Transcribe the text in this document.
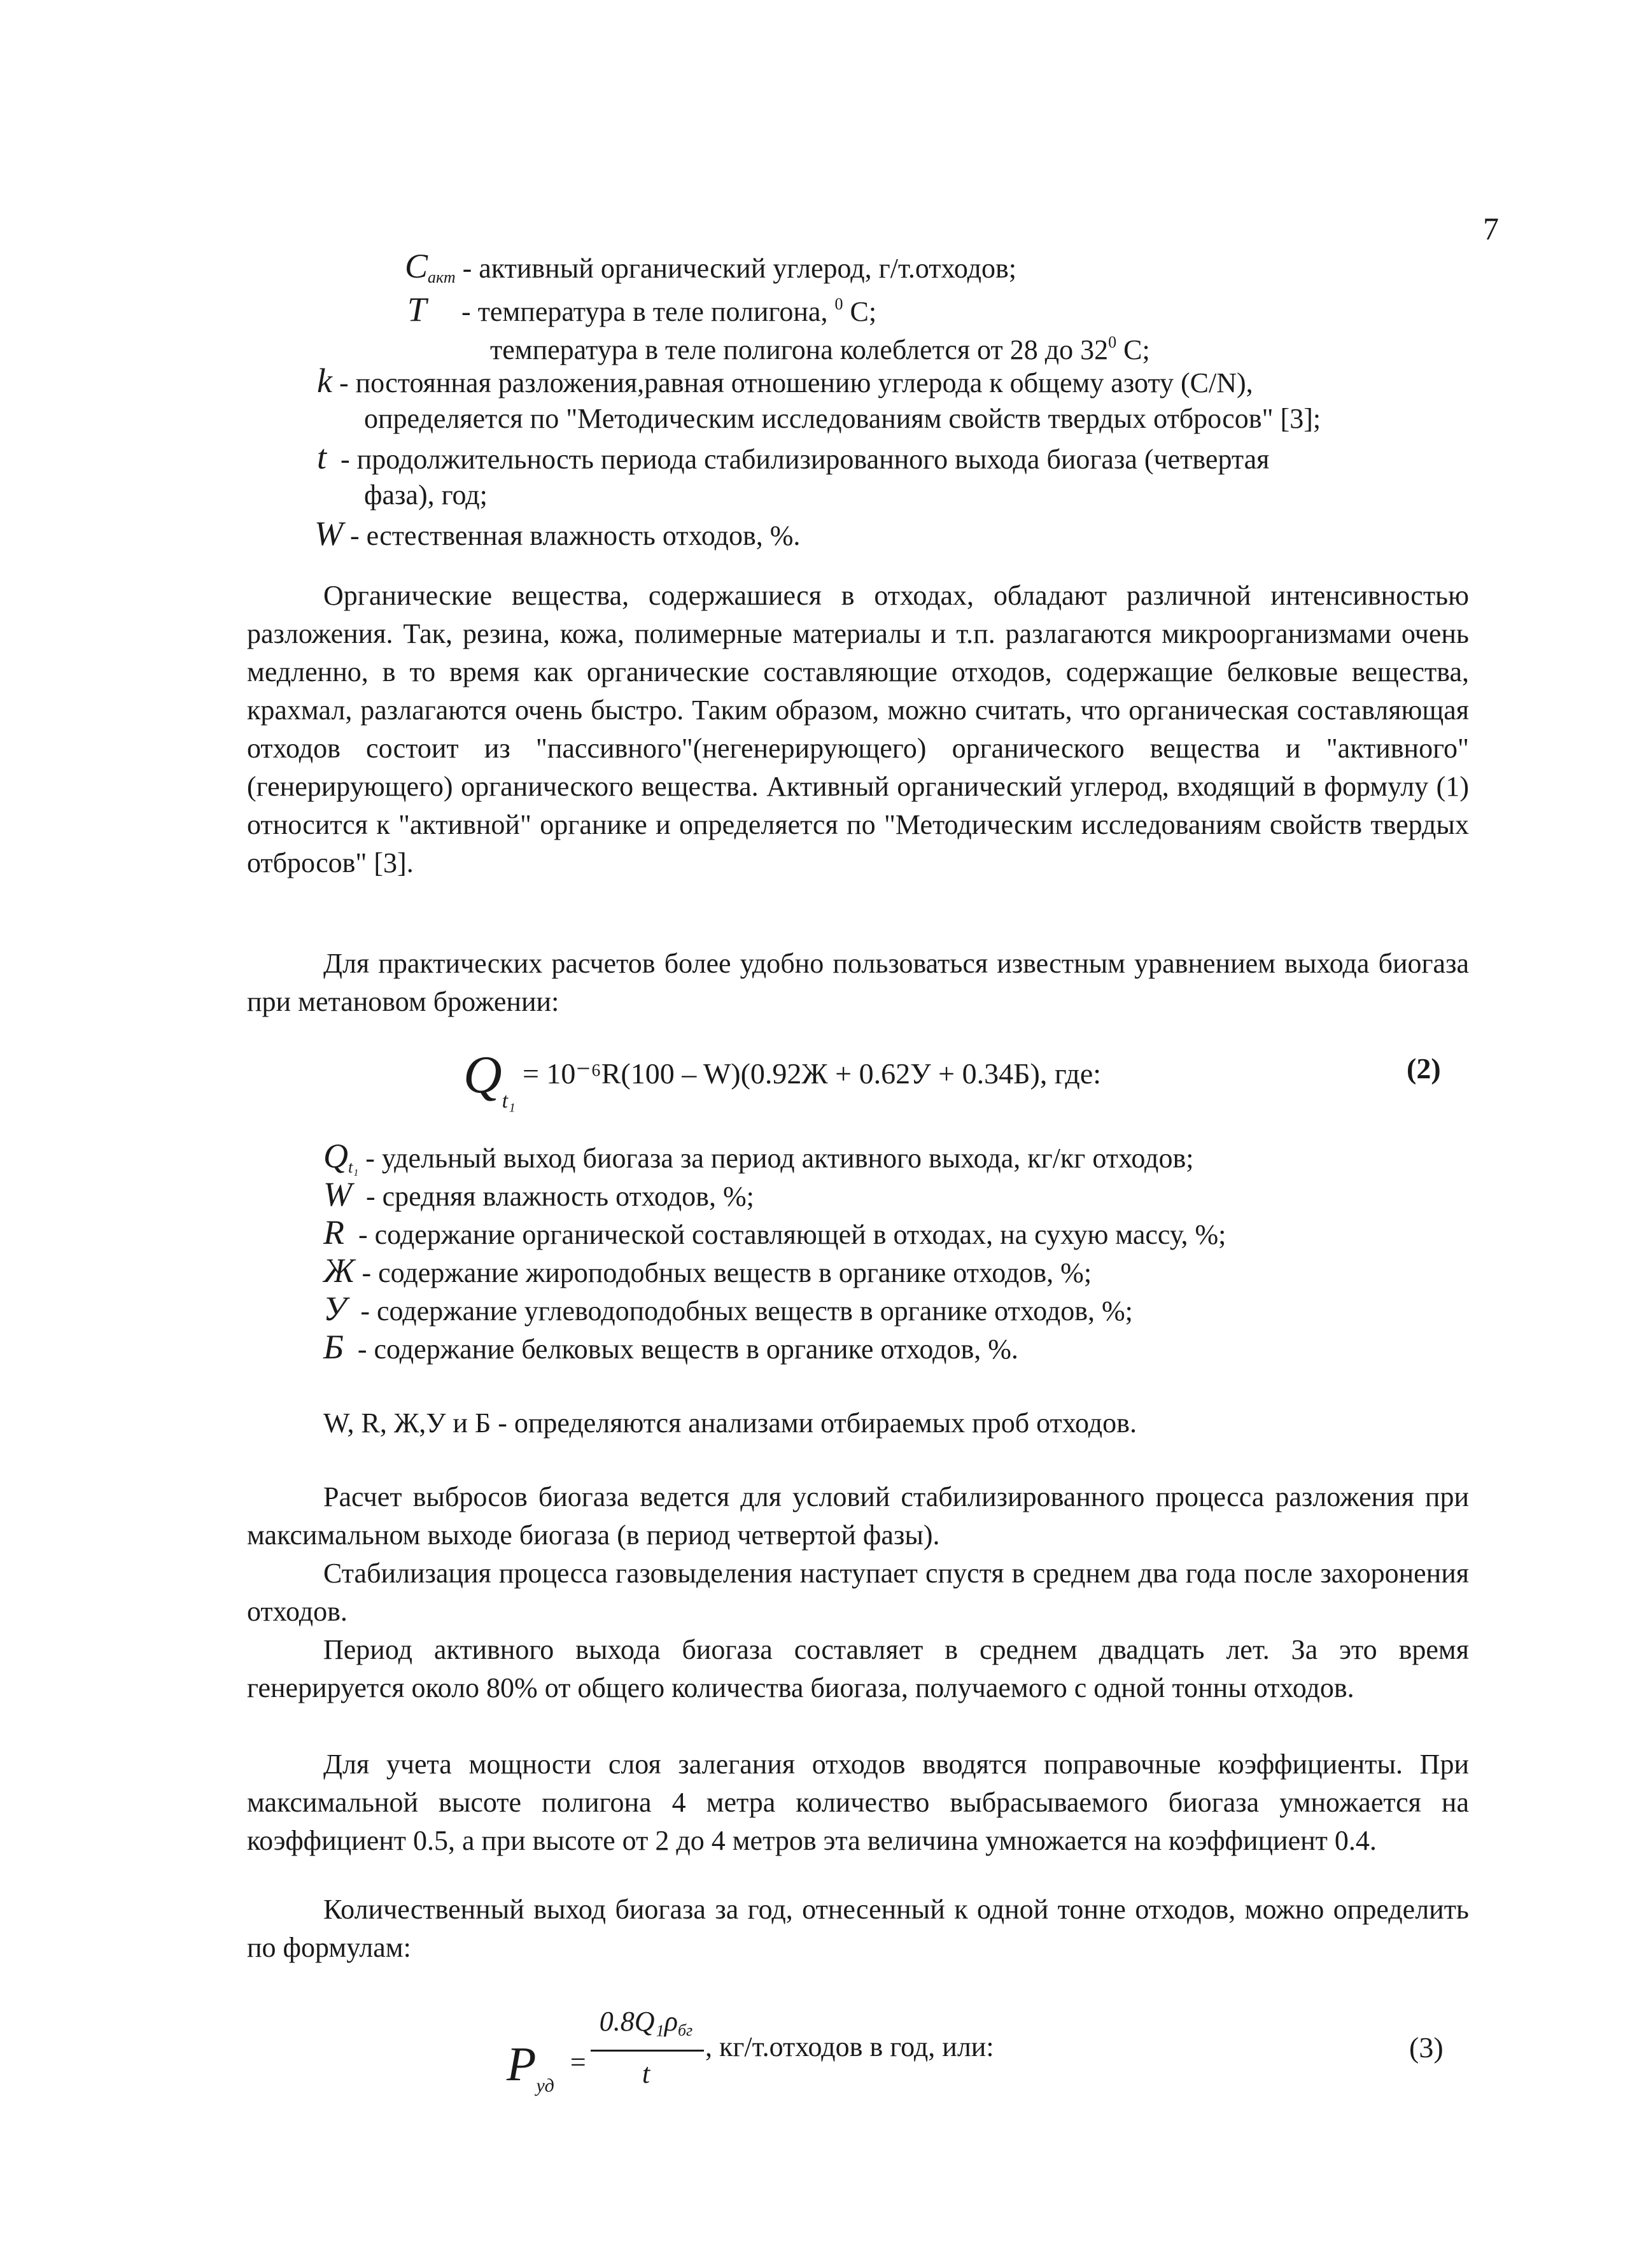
7
$C_{акт}$ - активный органический углерод, г/т.отходов;
T     - температура в теле полигона, $^0$ С;
температура в теле полигона колеблется от 28 до $32^0$ С;
k - постоянная разложения,равная отношению углерода к общему азоту (C/N),
определяется по "Методическим исследованиям свойств твердых отбросов" [3];
t  - продолжительность периода стабилизированного выхода биогаза (четвертая
фаза), год;
W - естественная влажность отходов, %.
Органические вещества, содержашиеся в отходах, обладают различной интенсивностью разложения. Так, резина, кожа, полимерные материалы и т.п. разлагаются микроорганизмами очень медленно, в то время как органические составляющие отходов, содержащие белковые вещества, крахмал, разлагаются очень быстро. Таким образом, можно считать, что органическая составляющая отходов состоит из "пассивного"(негенерирующего) органического вещества и "активного"(генерирующего) органического вещества. Активный органический углерод, входящий в формулу (1) относится к "активной" органике и определяется по "Методическим исследованиям свойств твердых отбросов" [3].
Для практических расчетов более удобно пользоваться известным уравнением выхода биогаза при метановом брожении:
$Q_{t_1} = 10^{-6}R(100 - W)(0.92Ж + 0.62У + 0.34Б)$, где:	(2)
$Q_{t_1}$ - удельный выход биогаза за период активного выхода, кг/кг отходов;
W  - средняя влажность отходов, %;
R  - содержание органической составляющей в отходах, на сухую массу, %;
Ж - содержание жироподобных веществ в органике отходов, %;
У  - содержание углеводоподобных веществ в органике отходов, %;
Б  - содержание белковых веществ в органике отходов, %.
W, R, Ж,У и Б - определяются анализами отбираемых проб отходов.
Расчет выбросов биогаза ведется для условий стабилизированного процесса разложения при максимальном выходе биогаза (в период четвертой фазы).
Стабилизация процесса газовыделения наступает спустя в среднем два года после захоронения отходов.
Период активного выхода биогаза составляет в среднем двадцать лет. За это время генерируется около 80% от общего количества биогаза, получаемого с одной тонны отходов.
Для учета мощности слоя залегания отходов вводятся поправочные коэффициенты. При максимальной высоте полигона 4 метра количество выбрасываемого биогаза умножается на коэффициент 0.5, а при высоте от 2 до 4 метров эта величина умножается на коэффициент 0.4.
Количественный выход биогаза за год, отнесенный к одной тонне отходов, можно определить по формулам:
$P_{уд}$ =
$0.8Q_1\rho_{бг}$
t
, кг/т.отходов в год, или:	(3)
